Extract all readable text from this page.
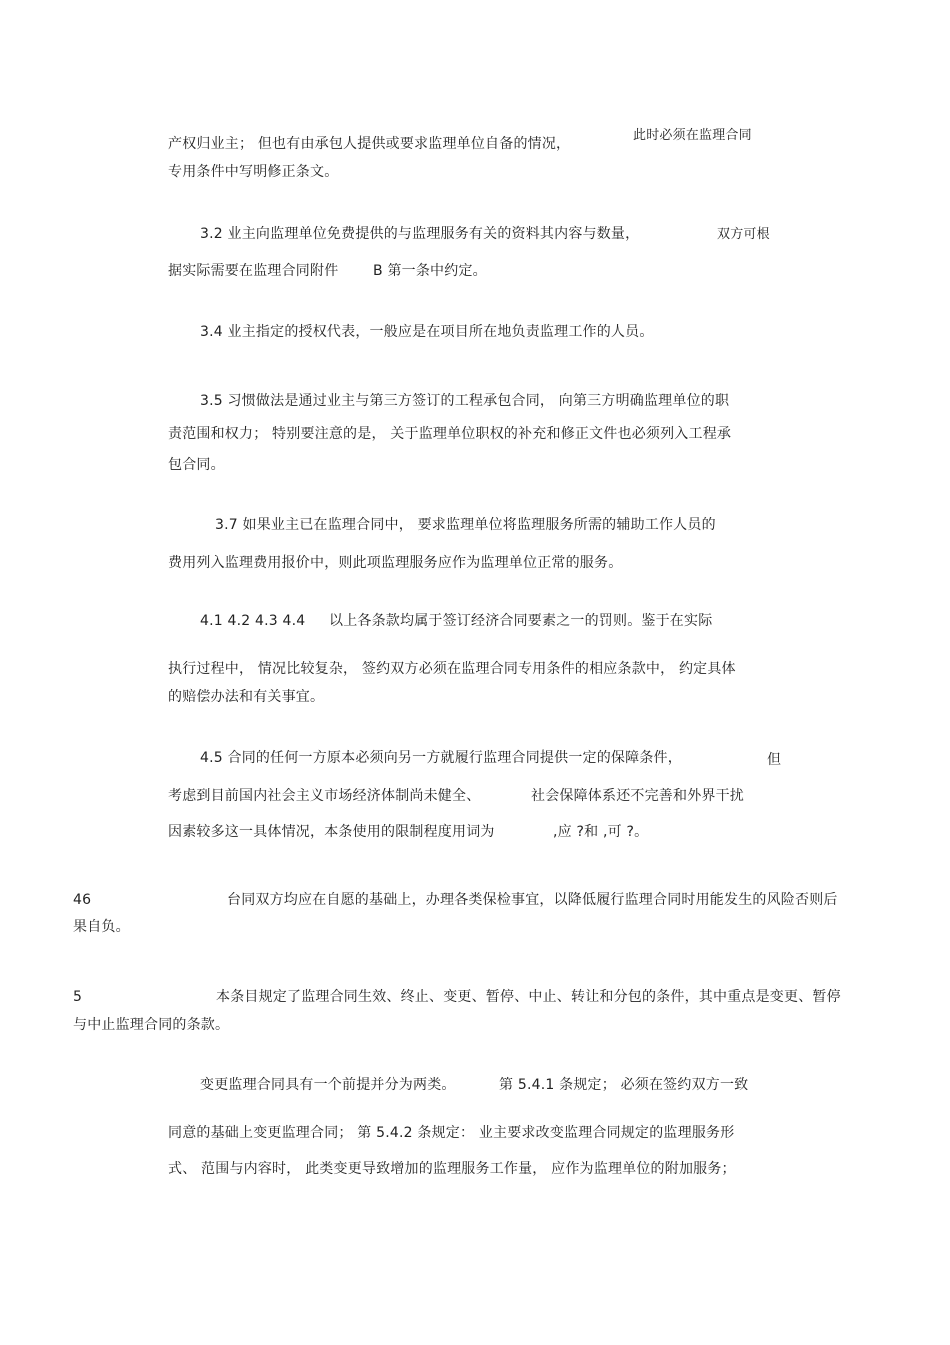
产权归业主； 但也有由承包人提供或要求监理单位自备的情况，
此时必须在监理合同
专用条件中写明修正条文。
3.2 业主向监理单位免费提供的与监理服务有关的资料其内容与数量，	双方可根
据实际需要在监理合同附件 B 第一条中约定。
3.4 业主指定的授权代表，一般应是在项目所在地负责监理工作的人员。
3.5 习惯做法是通过业主与第三方签订的工程承包合同， 向第三方明确监理单位的职
责范围和权力； 特别要注意的是， 关于监理单位职权的补充和修正文件也必须列入工程承
包合同。
3.7 如果业主已在监理合同中， 要求监理单位将监理服务所需的辅助工作人员的
费用列入监理费用报价中，则此项监理服务应作为监理单位正常的服务。
4.1 4.2 4.3 4.4 以上各条款均属于签订经济合同要素之一的罚则。鉴于在实际
执行过程中， 情况比较复杂， 签约双方必须在监理合同专用条件的相应条款中， 约定具体
的赔偿办法和有关事宜。
4.5 合同的任何一方原本必须向另一方就履行监理合同提供一定的保障条件，	但
考虑到目前国内社会主义市场经济体制尚未健全、	社会保障体系还不完善和外界干扰
因素较多这一具体情况，本条使用的限制程度用词为	,应 ?和 ,可 ?。
46	台同双方均应在自愿的基础上，办理各类保检事宜，以降低履行监理合同时用能发生的风险否则后
果自负。
5	本条目规定了监理合同生效、终止、变更、暂停、中止、转让和分包的条件，其中重点是变更、暂停
与中止监理合同的条款。
变更监理合同具有一个前提并分为两类。	第 5.4.1 条规定； 必须在签约双方一致
同意的基础上变更监理合同； 第 5.4.2 条规定： 业主要求改变监理合同规定的监理服务形
式、 范围与内容时， 此类变更导致增加的监理服务工作量， 应作为监理单位的附加服务；
